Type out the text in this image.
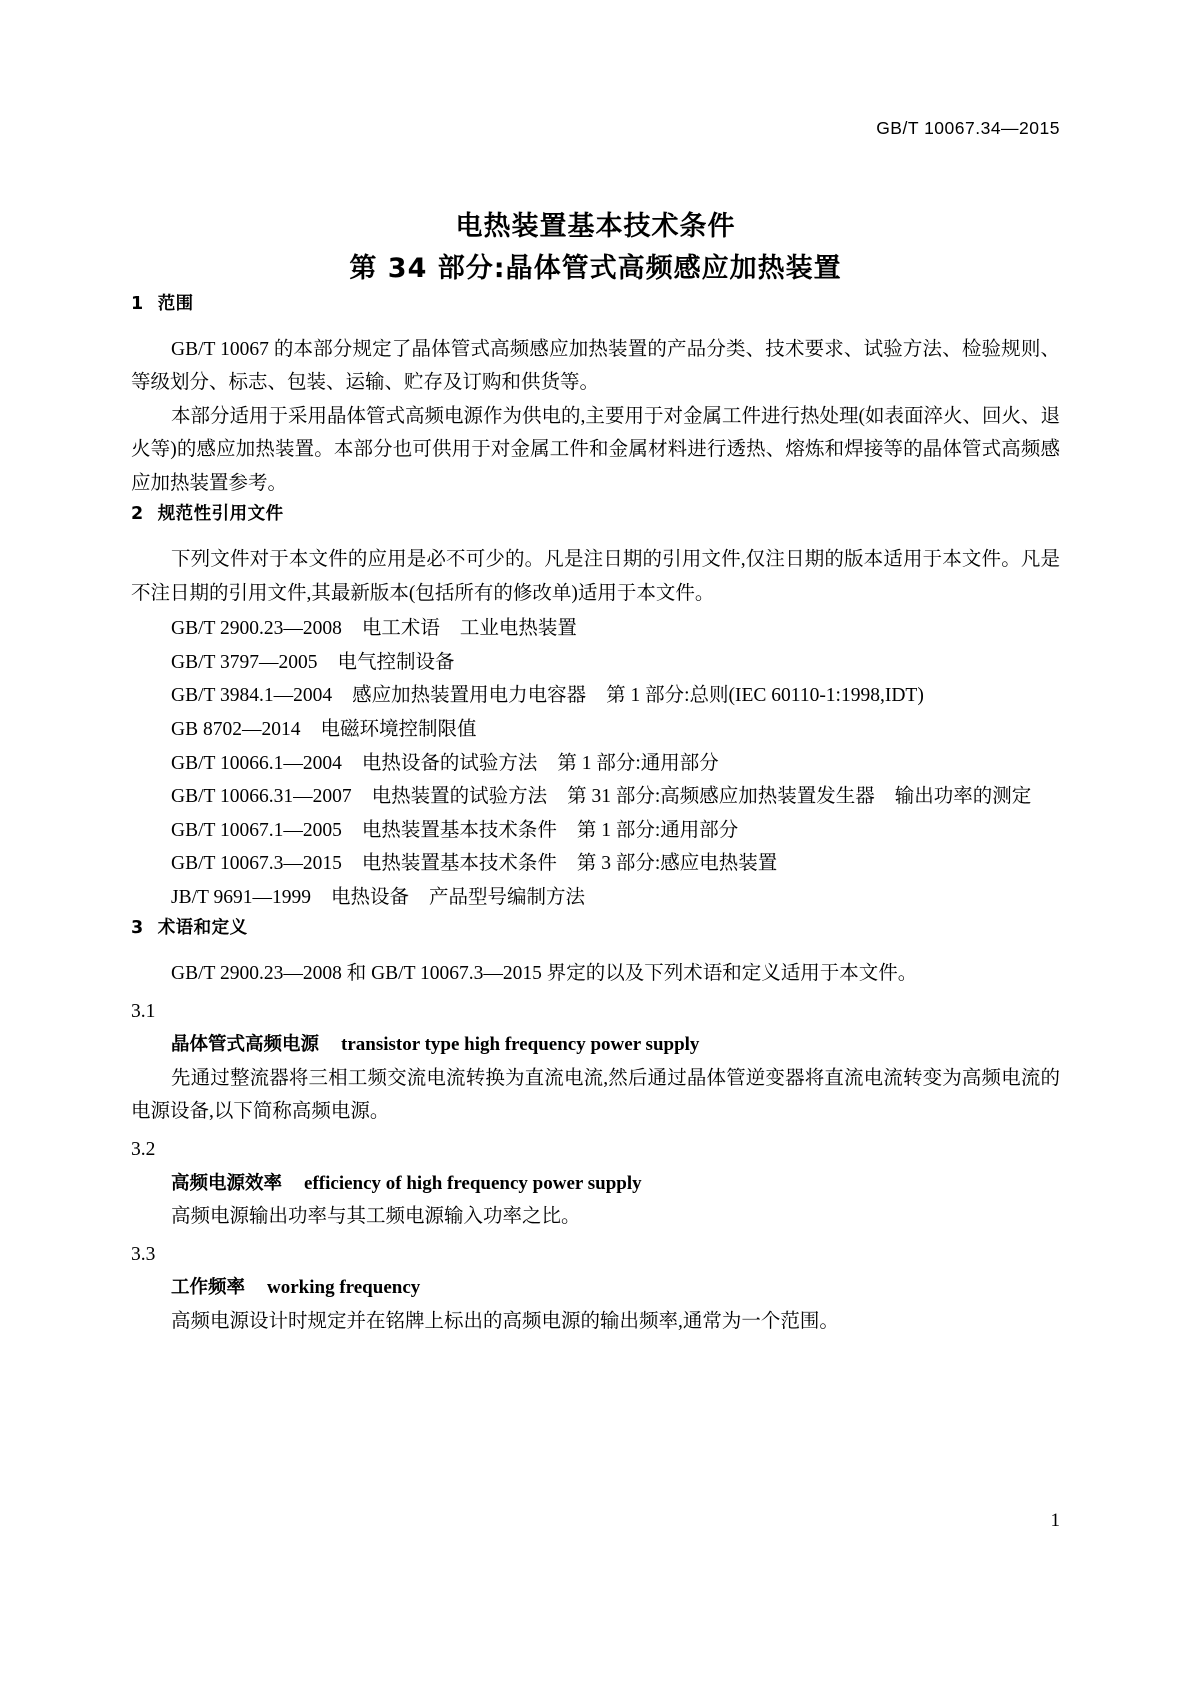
GB/T 10067.34—2015
电热装置基本技术条件
第 34 部分:晶体管式高频感应加热装置
1 范围

GB/T 10067 的本部分规定了晶体管式高频感应加热装置的产品分类、技术要求、试验方法、检验规则、等级划分、标志、包装、运输、贮存及订购和供货等。

本部分适用于采用晶体管式高频电源作为供电的,主要用于对金属工件进行热处理(如表面淬火、回火、退火等)的感应加热装置。本部分也可供用于对金属工件和金属材料进行透热、熔炼和焊接等的晶体管式高频感应加热装置参考。

2 规范性引用文件

下列文件对于本文件的应用是必不可少的。凡是注日期的引用文件,仅注日期的版本适用于本文件。凡是不注日期的引用文件,其最新版本(包括所有的修改单)适用于本文件。

GB/T 2900.23—2008 电工术语 工业电热装置

GB/T 3797—2005 电气控制设备

GB/T 3984.1—2004 感应加热装置用电力电容器 第 1 部分:总则(IEC 60110-1:1998,IDT)

GB 8702—2014 电磁环境控制限值

GB/T 10066.1—2004 电热设备的试验方法 第 1 部分:通用部分

GB/T 10066.31—2007 电热装置的试验方法 第 31 部分:高频感应加热装置发生器 输出功率的测定

GB/T 10067.1—2005 电热装置基本技术条件 第 1 部分:通用部分

GB/T 10067.3—2015 电热装置基本技术条件 第 3 部分:感应电热装置

JB/T 9691—1999 电热设备 产品型号编制方法

3 术语和定义

GB/T 2900.23—2008 和 GB/T 10067.3—2015 界定的以及下列术语和定义适用于本文件。

3.1

晶体管式高频电源 transistor type high frequency power supply

先通过整流器将三相工频交流电流转换为直流电流,然后通过晶体管逆变器将直流电流转变为高频电流的电源设备,以下简称高频电源。

3.2

高频电源效率 efficiency of high frequency power supply

高频电源输出功率与其工频电源输入功率之比。

3.3

工作频率 working frequency

高频电源设计时规定并在铭牌上标出的高频电源的输出频率,通常为一个范围。

1
